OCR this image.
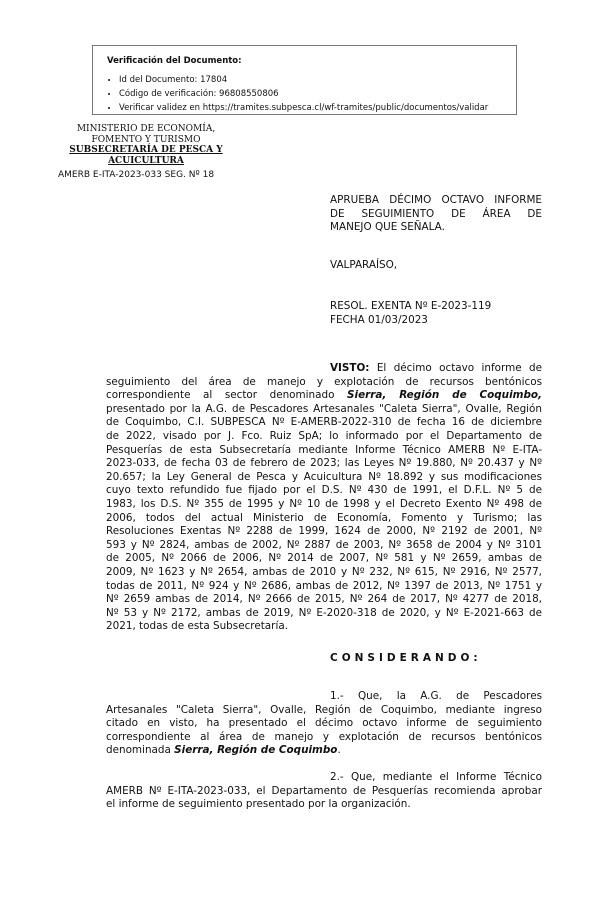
Verificación del Documento:
• Id del Documento: 17804
• Código de verificación: 96808550806
• Verificar validez en https://tramites.subpesca.cl/wf-tramites/public/documentos/validar
MINISTERIO DE ECONOMÍA,
FOMENTO Y TURISMO
SUBSECRETARÍA DE PESCA Y
ACUICULTURA
AMERB E-ITA-2023-033 SEG. Nº 18
APRUEBA DÉCIMO OCTAVO INFORME
DE SEGUIMIENTO DE ÁREA DE
MANEJO QUE SEÑALA.
VALPARAÍSO,
RESOL. EXENTA Nº E-2023-119
FECHA 01/03/2023
VISTO: El décimo octavo informe de
seguimiento del área de manejo y explotación de recursos bentónicos
correspondiente al sector denominado Sierra, Región de Coquimbo,
presentado por la A.G. de Pescadores Artesanales "Caleta Sierra", Ovalle, Región
de Coquimbo, C.I. SUBPESCA Nº E-AMERB-2022-310 de fecha 16 de diciembre
de 2022, visado por J. Fco. Ruiz SpA; lo informado por el Departamento de
Pesquerías de esta Subsecretaría mediante Informe Técnico AMERB Nº E-ITA-
2023-033, de fecha 03 de febrero de 2023; las Leyes Nº 19.880, Nº 20.437 y Nº
20.657; la Ley General de Pesca y Acuicultura Nº 18.892 y sus modificaciones
cuyo texto refundido fue fijado por el D.S. Nº 430 de 1991, el D.F.L. Nº 5 de
1983, los D.S. Nº 355 de 1995 y Nº 10 de 1998 y el Decreto Exento Nº 498 de
2006, todos del actual Ministerio de Economía, Fomento y Turismo; las
Resoluciones Exentas Nº 2288 de 1999, 1624 de 2000, Nº 2192 de 2001, Nº
593 y Nº 2824, ambas de 2002, Nº 2887 de 2003, Nº 3658 de 2004 y Nº 3101
de 2005, Nº 2066 de 2006, Nº 2014 de 2007, Nº 581 y Nº 2659, ambas de
2009, Nº 1623 y Nº 2654, ambas de 2010 y Nº 232, Nº 615, Nº 2916, Nº 2577,
todas de 2011, Nº 924 y Nº 2686, ambas de 2012, Nº 1397 de 2013, Nº 1751 y
Nº 2659 ambas de 2014, Nº 2666 de 2015, Nº 264 de 2017, Nº 4277 de 2018,
Nº 53 y Nº 2172, ambas de 2019, Nº E-2020-318 de 2020, y Nº E-2021-663 de
2021, todas de esta Subsecretaría.
CONSIDERANDO:
1.- Que, la A.G. de Pescadores
Artesanales "Caleta Sierra", Ovalle, Región de Coquimbo, mediante ingreso
citado en visto, ha presentado el décimo octavo informe de seguimiento
correspondiente al área de manejo y explotación de recursos bentónicos
denominada Sierra, Región de Coquimbo.
2.- Que, mediante el Informe Técnico
AMERB Nº E-ITA-2023-033, el Departamento de Pesquerías recomienda aprobar
el informe de seguimiento presentado por la organización.
